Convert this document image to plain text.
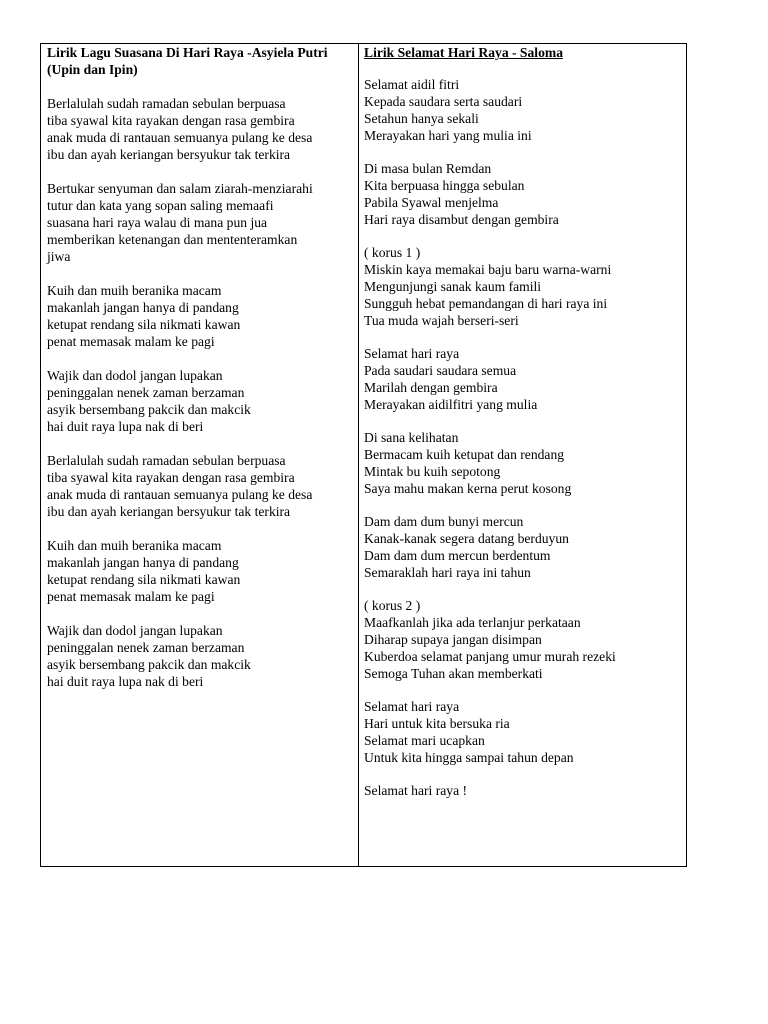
Lirik Lagu Suasana Di Hari Raya -Asyiela Putri (Upin dan Ipin)
Berlalulah sudah ramadan sebulan berpuasa
tiba syawal kita rayakan dengan rasa gembira
anak muda di rantauan semuanya pulang ke desa
ibu dan ayah keriangan bersyukur tak terkira
Bertukar senyuman dan salam ziarah-menziarahi
tutur dan kata yang sopan saling memaafi
suasana hari raya walau di mana pun jua
memberikan ketenangan dan mententeramkan
jiwa
Kuih dan muih beranika macam
makanlah jangan hanya di pandang
ketupat rendang sila nikmati kawan
penat memasak malam ke pagi
Wajik dan dodol jangan lupakan
peninggalan nenek zaman berzaman
asyik bersembang pakcik dan makcik
hai duit raya lupa nak di beri
Berlalulah sudah ramadan sebulan berpuasa
tiba syawal kita rayakan dengan rasa gembira
anak muda di rantauan semuanya pulang ke desa
ibu dan ayah keriangan bersyukur tak terkira
Kuih dan muih beranika macam
makanlah jangan hanya di pandang
ketupat rendang sila nikmati kawan
penat memasak malam ke pagi
Wajik dan dodol jangan lupakan
peninggalan nenek zaman berzaman
asyik bersembang pakcik dan makcik
hai duit raya lupa nak di beri
Lirik Selamat Hari Raya - Saloma
Selamat aidil fitri
Kepada saudara serta saudari
Setahun hanya sekali
Merayakan hari yang mulia ini
Di masa bulan Remdan
Kita berpuasa hingga sebulan
Pabila Syawal menjelma
Hari raya disambut dengan gembira
( korus 1 )
Miskin kaya memakai baju baru warna-warni
Mengunjungi sanak kaum famili
Sungguh hebat pemandangan di hari raya ini
Tua muda wajah berseri-seri
Selamat hari raya
Pada saudari saudara semua
Marilah dengan gembira
Merayakan aidilfitri yang mulia
Di sana kelihatan
Bermacam kuih ketupat dan rendang
Mintak bu kuih sepotong
Saya mahu makan kerna perut kosong
Dam dam dum bunyi mercun
Kanak-kanak segera datang berduyun
Dam dam dum mercun berdentum
Semaraklah hari raya ini tahun
( korus 2 )
Maafkanlah jika ada terlanjur perkataan
Diharap supaya jangan disimpan
Kuberdoa selamat panjang umur murah rezeki
Semoga Tuhan akan memberkati
Selamat hari raya
Hari untuk kita bersuka ria
Selamat mari ucapkan
Untuk kita hingga sampai tahun depan
Selamat hari raya !
